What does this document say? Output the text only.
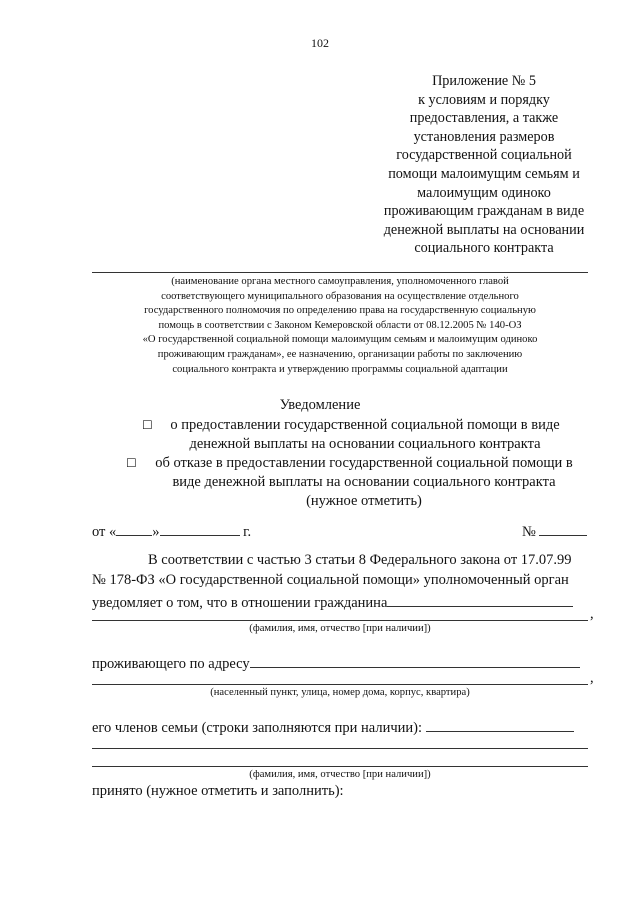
102
Приложение № 5
к условиям и порядку
предоставления, а также
установления размеров
государственной социальной
помощи малоимущим семьям и
малоимущим одиноко
проживающим гражданам в виде
денежной выплаты на основании
социального контракта
(наименование органа местного самоуправления, уполномоченного главой
соответствующего муниципального образования на осуществление отдельного
государственного полномочия по определению права на государственную социальную
помощь в соответствии с Законом Кемеровской области от 08.12.2005 № 140-ОЗ
«О государственной социальной помощи малоимущим семьям и малоимущим одиноко
проживающим гражданам», ее назначению, организации работы по заключению
социального контракта и утверждению программы социальной адаптации
Уведомление
☐	о предоставлении государственной социальной помощи в виде
денежной выплаты на основании социального контракта
☐	об отказе в предоставлении государственной социальной помощи в
виде денежной выплаты на основании социального контракта
(нужное отметить)
от « »	г.	№
В соответствии с частью 3 статьи 8 Федерального закона от 17.07.99
№ 178-ФЗ «О государственной социальной помощи» уполномоченный орган
уведомляет о том, что в отношении гражданина
,
(фамилия, имя, отчество [при наличии])
проживающего по адресу
,
(населенный пункт, улица, номер дома, корпус, квартира)
его членов семьи (строки заполняются при наличии):
(фамилия, имя, отчество [при наличии])
принято (нужное отметить и заполнить):
